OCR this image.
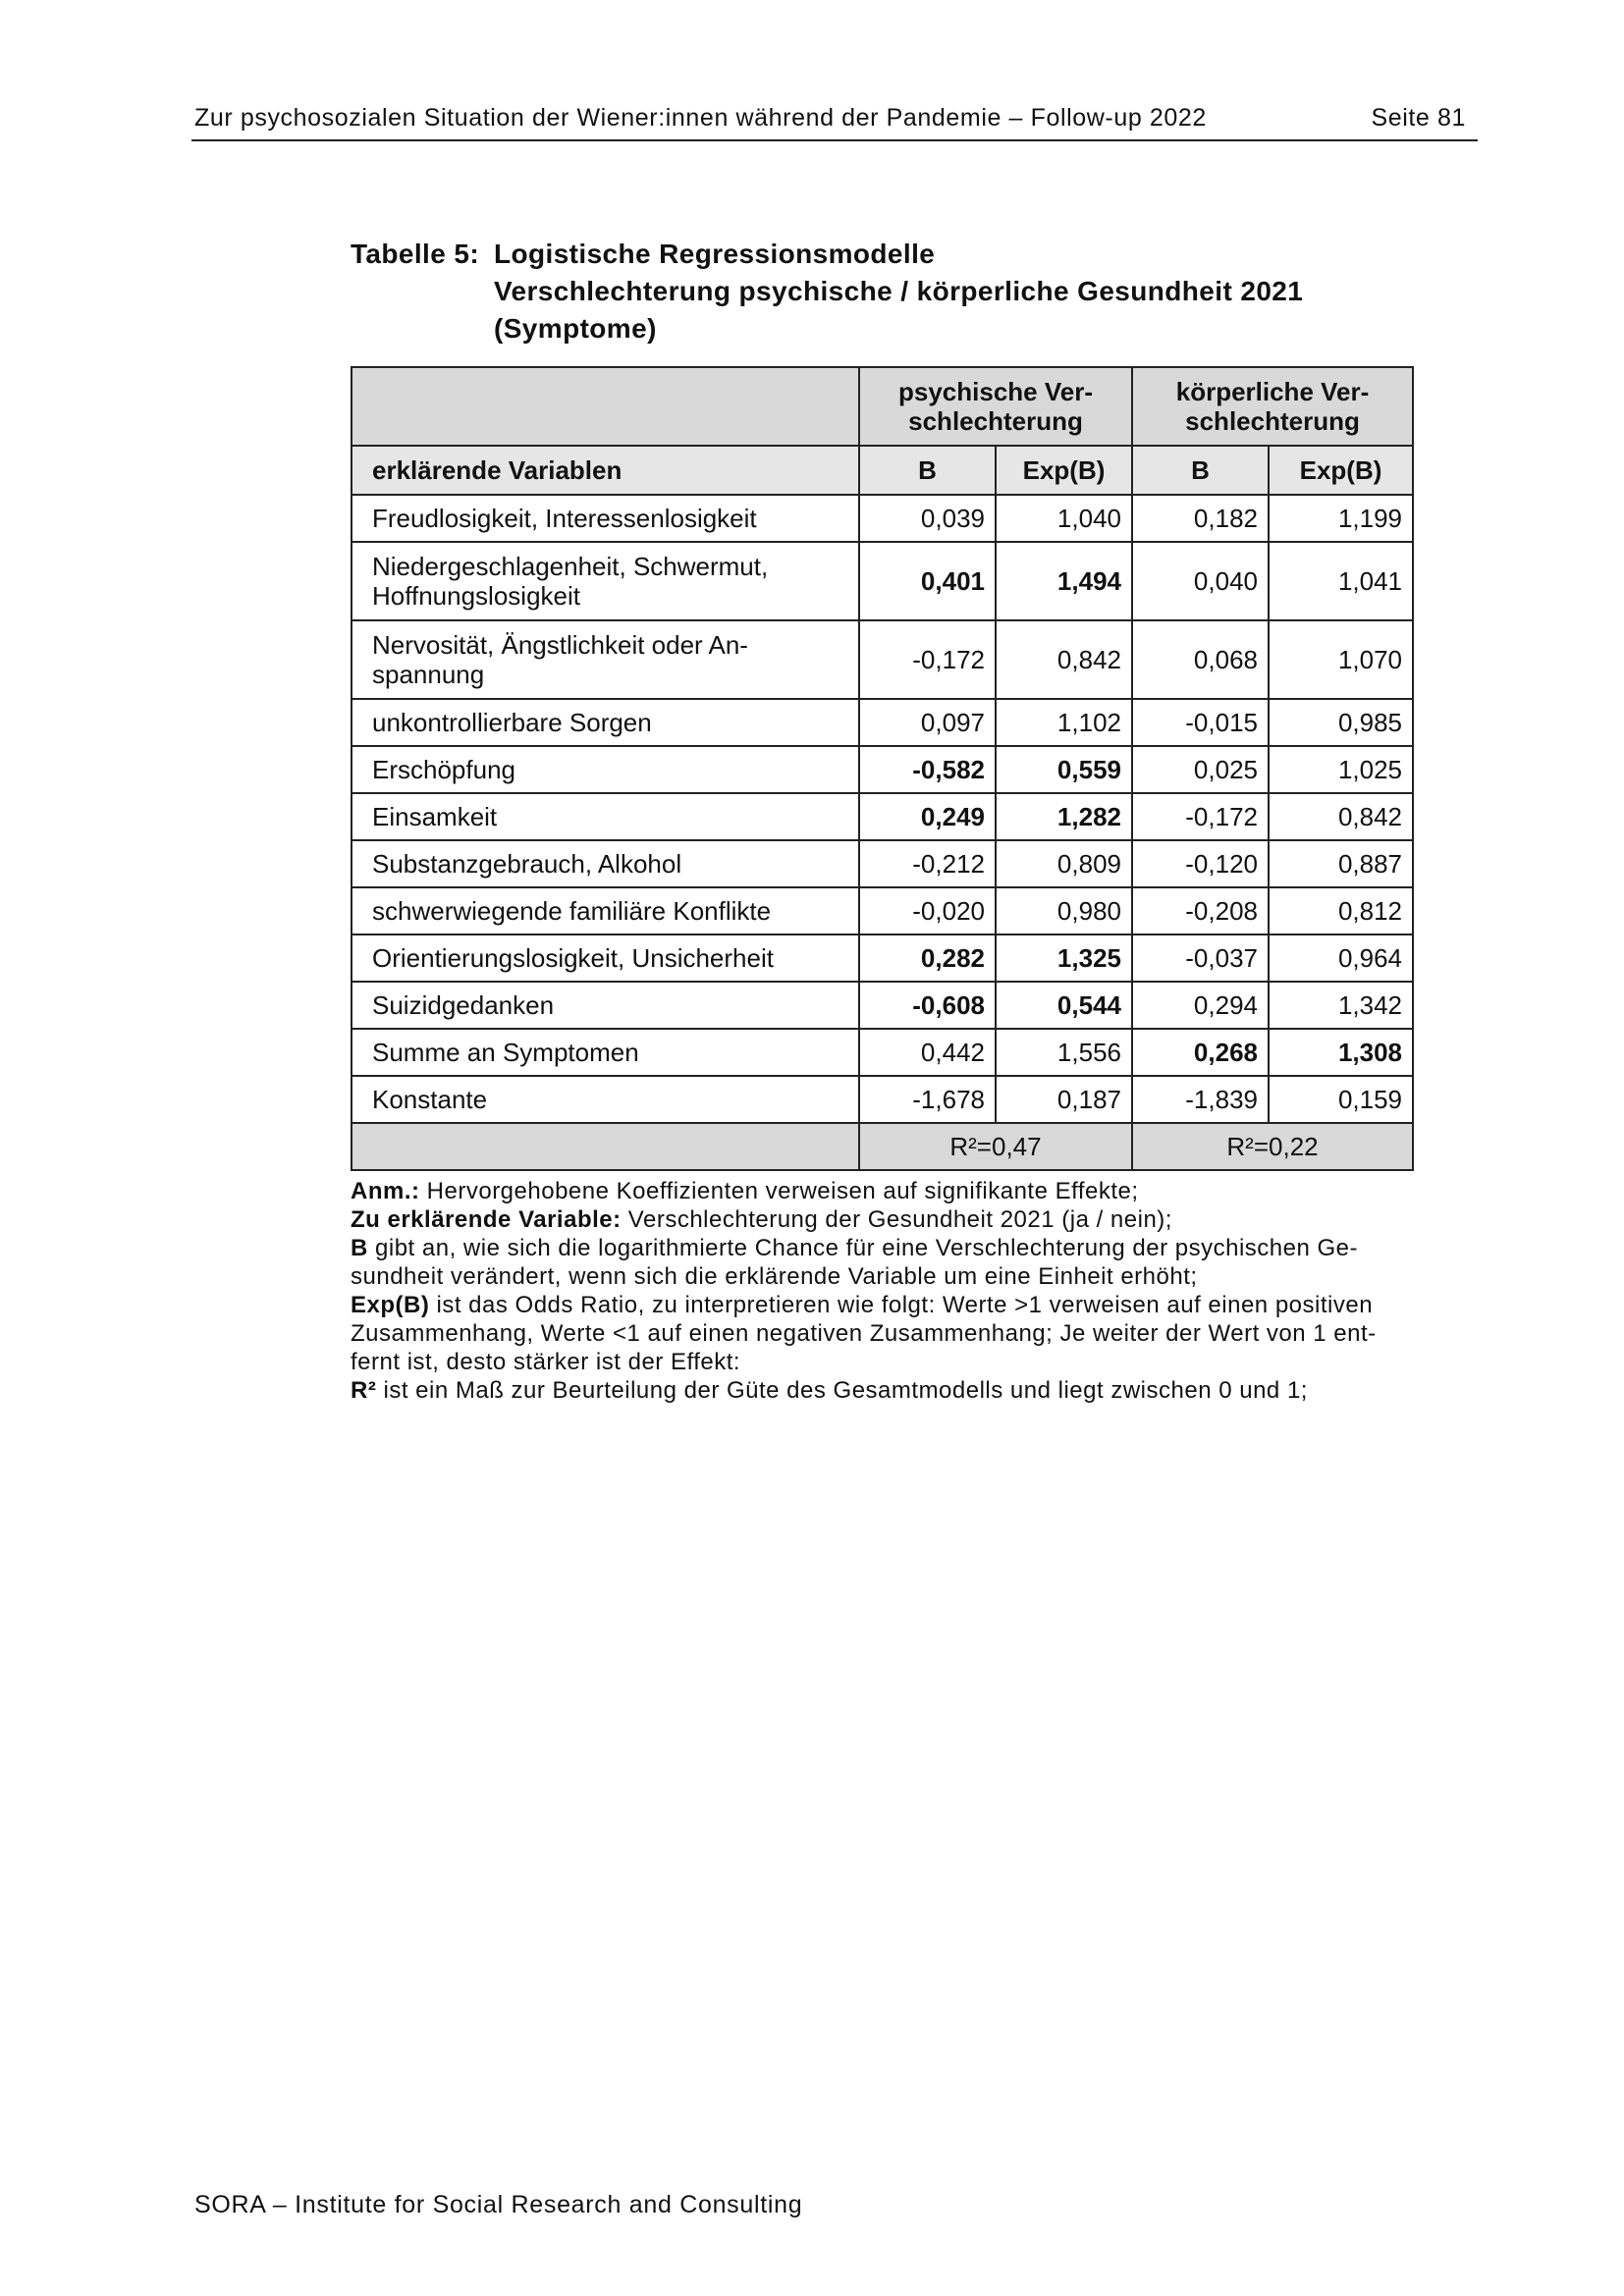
Zur psychosozialen Situation der Wiener:innen während der Pandemie – Follow-up 2022	Seite 81
Tabelle 5: Logistische Regressionsmodelle
Verschlechterung psychische / körperliche Gesundheit 2021
(Symptome)
	psychische Ver-
schlechterung		körperliche Ver-
schlechterung	
erklärende Variablen	B	Exp(B)	B	Exp(B)
Freudlosigkeit, Interessenlosigkeit	0,039	1,040	0,182	1,199
Niedergeschlagenheit, Schwermut,
Hoffnungslosigkeit	0,401	1,494	0,040	1,041
Nervosität, Ängstlichkeit oder An-
spannung	-0,172	0,842	0,068	1,070
unkontrollierbare Sorgen	0,097	1,102	-0,015	0,985
Erschöpfung	-0,582	0,559	0,025	1,025
Einsamkeit	0,249	1,282	-0,172	0,842
Substanzgebrauch, Alkohol	-0,212	0,809	-0,120	0,887
schwerwiegende familiäre Konflikte	-0,020	0,980	-0,208	0,812
Orientierungslosigkeit, Unsicherheit	0,282	1,325	-0,037	0,964
Suizidgedanken	-0,608	0,544	0,294	1,342
Summe an Symptomen	0,442	1,556	0,268	1,308
Konstante	-1,678	0,187	-1,839	0,159
	R²=0,47		R²=0,22	

Anm.: Hervorgehobene Koeffizienten verweisen auf signifikante Effekte;

Zu erklärende Variable: Verschlechterung der Gesundheit 2021 (ja / nein);

B gibt an, wie sich die logarithmierte Chance für eine Verschlechterung der psychischen Ge-
sundheit verändert, wenn sich die erklärende Variable um eine Einheit erhöht;

Exp(B) ist das Odds Ratio, zu interpretieren wie folgt: Werte >1 verweisen auf einen positiven
Zusammenhang, Werte <1 auf einen negativen Zusammenhang; Je weiter der Wert von 1 ent-
fernt ist, desto stärker ist der Effekt:

R² ist ein Maß zur Beurteilung der Güte des Gesamtmodells und liegt zwischen 0 und 1;

SORA – Institute for Social Research and Consulting
